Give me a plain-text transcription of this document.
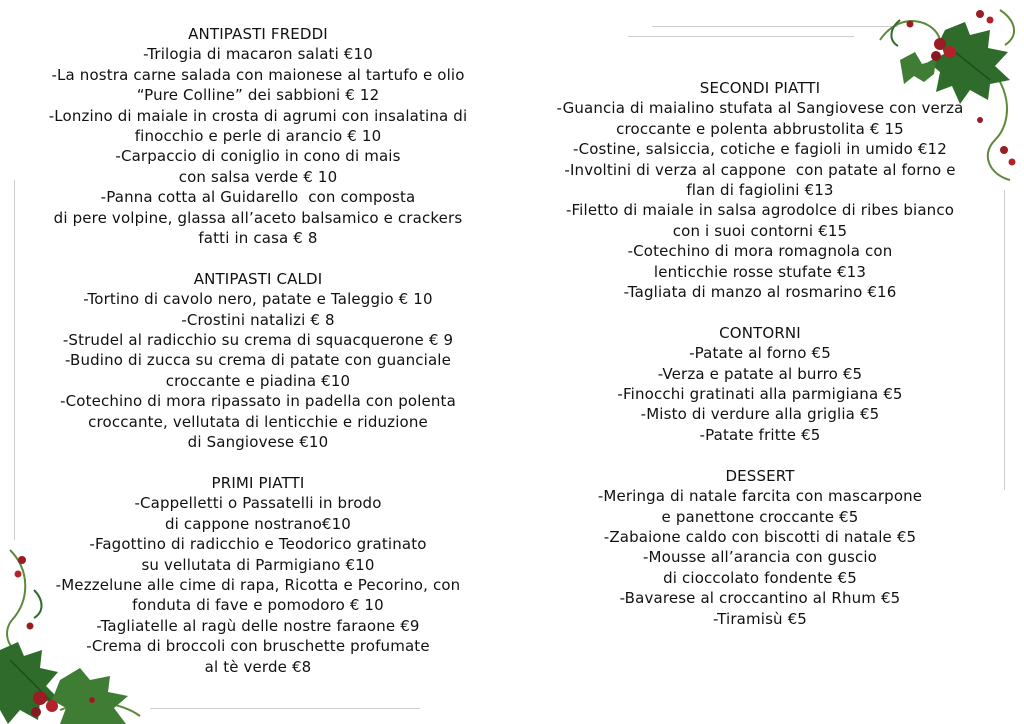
ANTIPASTI FREDDI
-Trilogia di macaron salati €10
-La nostra carne salada con maionese al tartufo e olio
“Pure Colline” dei sabbioni € 12
-Lonzino di maiale in crosta di agrumi con insalatina di
finocchio e perle di arancio € 10
-Carpaccio di coniglio in cono di mais
con salsa verde € 10
-Panna cotta al Guidarello  con composta
di pere volpine, glassa all’aceto balsamico e crackers
fatti in casa € 8
ANTIPASTI CALDI
-Tortino di cavolo nero, patate e Taleggio € 10
-Crostini natalizi € 8
-Strudel al radicchio su crema di squacquerone € 9
-Budino di zucca su crema di patate con guanciale
croccante e piadina €10
-Cotechino di mora ripassato in padella con polenta
croccante, vellutata di lenticchie e riduzione
di Sangiovese €10
PRIMI PIATTI
-Cappelletti o Passatelli in brodo
di cappone nostrano€10
-Fagottino di radicchio e Teodorico gratinato
su vellutata di Parmigiano €10
-Mezzelune alle cime di rapa, Ricotta e Pecorino, con
fonduta di fave e pomodoro € 10
-Tagliatelle al ragù delle nostre faraone €9
-Crema di broccoli con bruschette profumate
al tè verde €8
SECONDI PIATTI
-Guancia di maialino stufata al Sangiovese con verza
croccante e polenta abbrustolita € 15
-Costine, salsiccia, cotiche e fagioli in umido €12
-Involtini di verza al cappone  con patate al forno e
flan di fagiolini €13
-Filetto di maiale in salsa agrodolce di ribes bianco
con i suoi contorni €15
-Cotechino di mora romagnola con
lenticchie rosse stufate €13
-Tagliata di manzo al rosmarino €16
CONTORNI
-Patate al forno €5
-Verza e patate al burro €5
-Finocchi gratinati alla parmigiana €5
-Misto di verdure alla griglia €5
-Patate fritte €5
DESSERT
-Meringa di natale farcita con mascarpone
e panettone croccante €5
-Zabaione caldo con biscotti di natale €5
-Mousse all’arancia con guscio
di cioccolato fondente €5
-Bavarese al croccantino al Rhum €5
-Tiramisù €5
